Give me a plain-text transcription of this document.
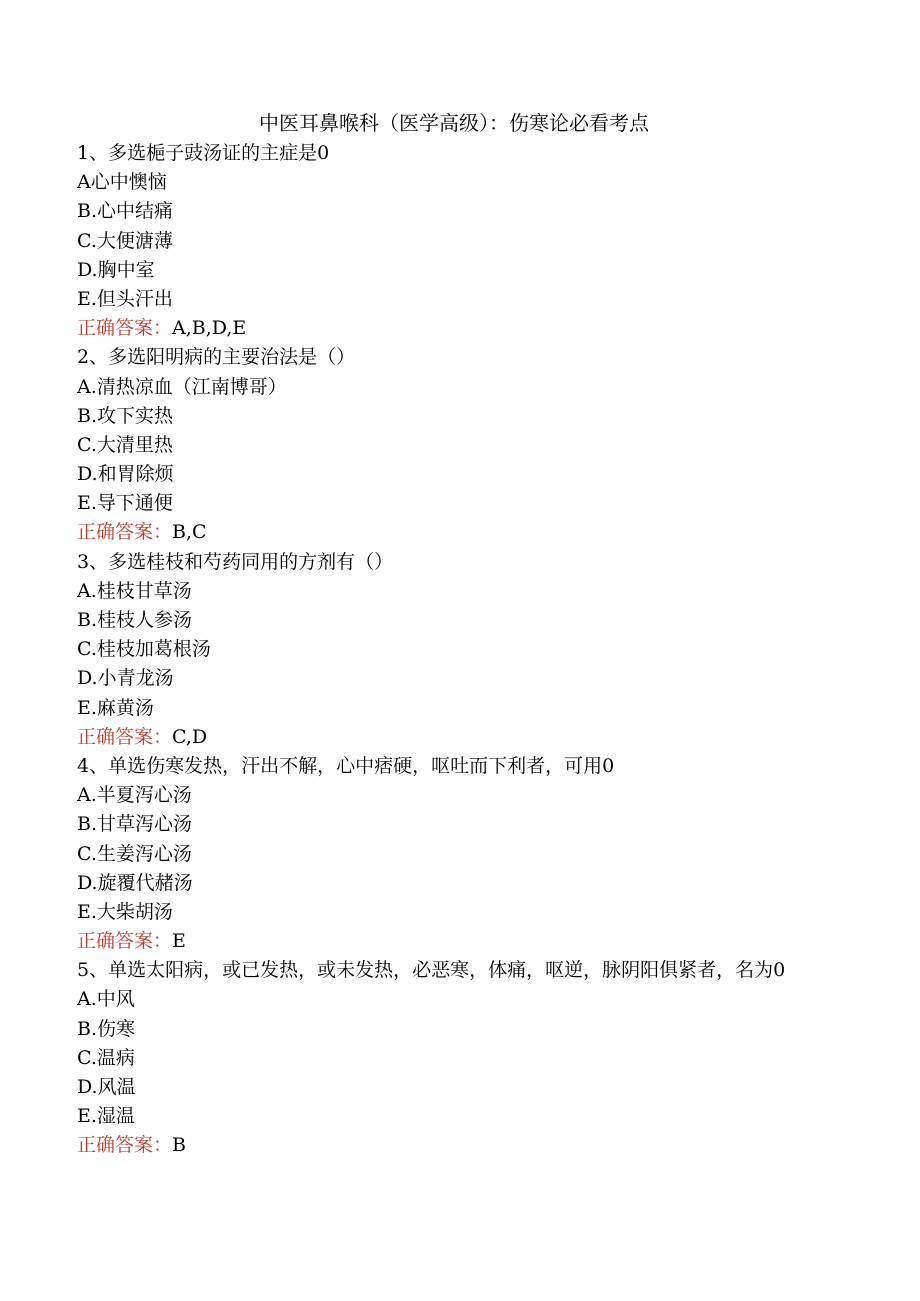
中医耳鼻喉科（医学高级）：伤寒论必看考点
1、多选梔子豉汤证的主症是0
A心中懊恼
B.心中结痛
C.大便溏薄
D.胸中室
E.但头汗出
正确答案：A,B,D,E
2、多选阳明病的主要治法是（）
A.清热凉血（江南博哥）
B.攻下实热
C.大清里热
D.和胃除烦
E.导下通便
正确答案：B,C
3、多选桂枝和芍药同用的方剂有（）
A.桂枝甘草汤
B.桂枝人参汤
C.桂枝加葛根汤
D.小青龙汤
E.麻黄汤
正确答案：C,D
4、单选伤寒发热，汗出不解，心中痞硬，呕吐而下利者，可用0
A.半夏泻心汤
B.甘草泻心汤
C.生姜泻心汤
D.旋覆代赭汤
E.大柴胡汤
正确答案：E
5、单选太阳病，或已发热，或未发热，必恶寒，体痛，呕逆，脉阴阳俱紧者，名为0
A.中风
B.伤寒
C.温病
D.风温
E.湿温
正确答案：B
